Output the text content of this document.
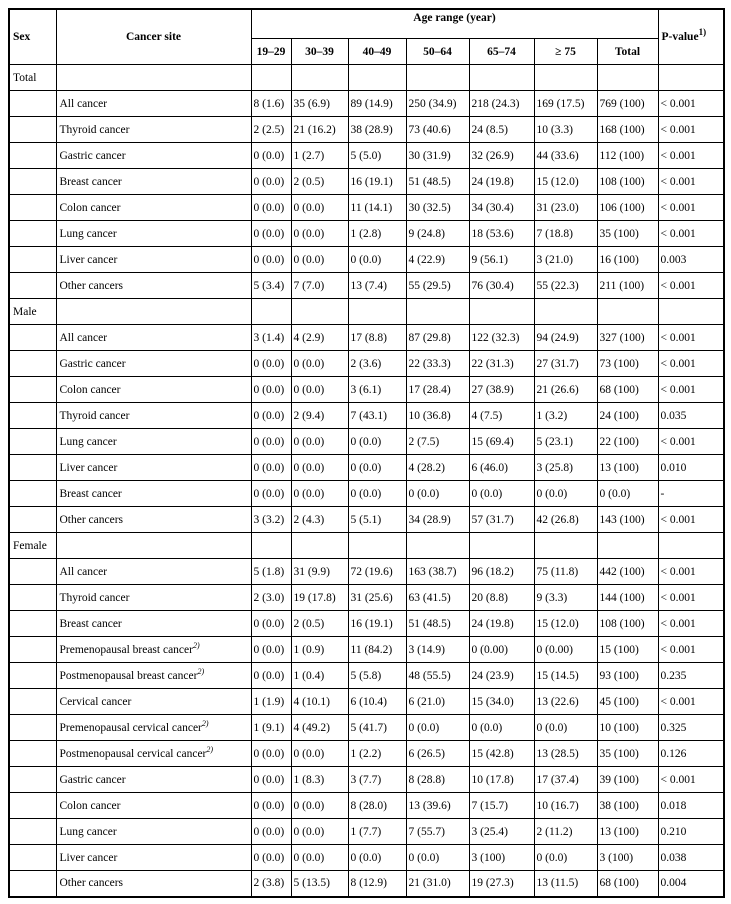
Sex	Cancer site	Age range (year)							P-value$^{1)}$
		19–29	30–39	40–49	50–64	65–74	≥ 75	Total	
Total									
	All cancer	8 (1.6)	35 (6.9)	89 (14.9)	250 (34.9)	218 (24.3)	169 (17.5)	769 (100)	< 0.001
	Thyroid cancer	2 (2.5)	21 (16.2)	38 (28.9)	73 (40.6)	24 (8.5)	10 (3.3)	168 (100)	< 0.001
	Gastric cancer	0 (0.0)	1 (2.7)	5 (5.0)	30 (31.9)	32 (26.9)	44 (33.6)	112 (100)	< 0.001
	Breast cancer	0 (0.0)	2 (0.5)	16 (19.1)	51 (48.5)	24 (19.8)	15 (12.0)	108 (100)	< 0.001
	Colon cancer	0 (0.0)	0 (0.0)	11 (14.1)	30 (32.5)	34 (30.4)	31 (23.0)	106 (100)	< 0.001
	Lung cancer	0 (0.0)	0 (0.0)	1 (2.8)	9 (24.8)	18 (53.6)	7 (18.8)	35 (100)	< 0.001
	Liver cancer	0 (0.0)	0 (0.0)	0 (0.0)	4 (22.9)	9 (56.1)	3 (21.0)	16 (100)	0.003
	Other cancers	5 (3.4)	7 (7.0)	13 (7.4)	55 (29.5)	76 (30.4)	55 (22.3)	211 (100)	< 0.001
Male									
	All cancer	3 (1.4)	4 (2.9)	17 (8.8)	87 (29.8)	122 (32.3)	94 (24.9)	327 (100)	< 0.001
	Gastric cancer	0 (0.0)	0 (0.0)	2 (3.6)	22 (33.3)	22 (31.3)	27 (31.7)	73 (100)	< 0.001
	Colon cancer	0 (0.0)	0 (0.0)	3 (6.1)	17 (28.4)	27 (38.9)	21 (26.6)	68 (100)	< 0.001
	Thyroid cancer	0 (0.0)	2 (9.4)	7 (43.1)	10 (36.8)	4 (7.5)	1 (3.2)	24 (100)	0.035
	Lung cancer	0 (0.0)	0 (0.0)	0 (0.0)	2 (7.5)	15 (69.4)	5 (23.1)	22 (100)	< 0.001
	Liver cancer	0 (0.0)	0 (0.0)	0 (0.0)	4 (28.2)	6 (46.0)	3 (25.8)	13 (100)	0.010
	Breast cancer	0 (0.0)	0 (0.0)	0 (0.0)	0 (0.0)	0 (0.0)	0 (0.0)	0 (0.0)	-
	Other cancers	3 (3.2)	2 (4.3)	5 (5.1)	34 (28.9)	57 (31.7)	42 (26.8)	143 (100)	< 0.001
Female									
	All cancer	5 (1.8)	31 (9.9)	72 (19.6)	163 (38.7)	96 (18.2)	75 (11.8)	442 (100)	< 0.001
	Thyroid cancer	2 (3.0)	19 (17.8)	31 (25.6)	63 (41.5)	20 (8.8)	9 (3.3)	144 (100)	< 0.001
	Breast cancer	0 (0.0)	2 (0.5)	16 (19.1)	51 (48.5)	24 (19.8)	15 (12.0)	108 (100)	< 0.001
	Premenopausal breast cancer$^{2)}$	0 (0.0)	1 (0.9)	11 (84.2)	3 (14.9)	0 (0.00)	0 (0.00)	15 (100)	< 0.001
	Postmenopausal breast cancer$^{2)}$	0 (0.0)	1 (0.4)	5 (5.8)	48 (55.5)	24 (23.9)	15 (14.5)	93 (100)	0.235
	Cervical cancer	1 (1.9)	4 (10.1)	6 (10.4)	6 (21.0)	15 (34.0)	13 (22.6)	45 (100)	< 0.001
	Premenopausal cervical cancer$^{2)}$	1 (9.1)	4 (49.2)	5 (41.7)	0 (0.0)	0 (0.0)	0 (0.0)	10 (100)	0.325
	Postmenopausal cervical cancer$^{2)}$	0 (0.0)	0 (0.0)	1 (2.2)	6 (26.5)	15 (42.8)	13 (28.5)	35 (100)	0.126
	Gastric cancer	0 (0.0)	1 (8.3)	3 (7.7)	8 (28.8)	10 (17.8)	17 (37.4)	39 (100)	< 0.001
	Colon cancer	0 (0.0)	0 (0.0)	8 (28.0)	13 (39.6)	7 (15.7)	10 (16.7)	38 (100)	0.018
	Lung cancer	0 (0.0)	0 (0.0)	1 (7.7)	7 (55.7)	3 (25.4)	2 (11.2)	13 (100)	0.210
	Liver cancer	0 (0.0)	0 (0.0)	0 (0.0)	0 (0.0)	3 (100)	0 (0.0)	3 (100)	0.038
	Other cancers	2 (3.8)	5 (13.5)	8 (12.9)	21 (31.0)	19 (27.3)	13 (11.5)	68 (100)	0.004
